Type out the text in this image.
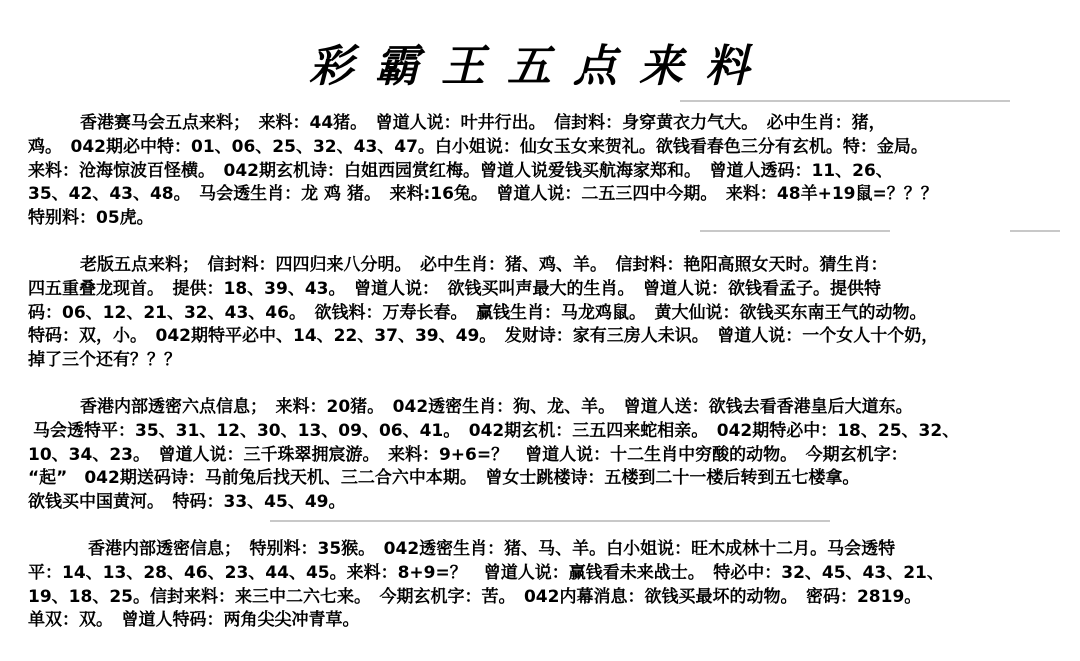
彩霸王五点来料
香港赛马会五点来料；　来料：44猪。　曾道人说：叶井行出。　信封料：身穿黄衣力气大。　必中生肖：猪，
鸡。　042期必中特：01、06、25、32、43、47。白小姐说：仙女玉女来贺礼。欲钱看春色三分有玄机。特：金局。
来料：沧海惊波百怪横。　042期玄机诗：白姐西园赏红梅。曾道人说爱钱买航海家郑和。　曾道人透码：11、26、
35、42、43、48。　马会透生肖：龙 鸡 猪。　来料:16兔。　曾道人说：二五三四中今期。　来料：48羊+19鼠=？？？
特别料：05虎。
老版五点来料；　信封料：四四归来八分明。　必中生肖：猪、鸡、羊。　信封料：艳阳高照女天时。猜生肖：
四五重叠龙现首。　提供：18、39、43。　曾道人说：　欲钱买叫声最大的生肖。　曾道人说：欲钱看孟子。提供特
码：06、12、21、32、43、46。　欲钱料：万寿长春。　赢钱生肖：马龙鸡鼠。　黄大仙说：欲钱买东南王气的动物。
特码：双，小。　042期特平必中、14、22、37、39、49。　发财诗：家有三房人未识。　曾道人说：一个女人十个奶，
掉了三个还有？？？
香港内部透密六点信息；　来料：20猪。　042透密生肖：狗、龙、羊。　曾道人送：欲钱去看香港皇后大道东。
马会透特平：35、31、12、30、13、09、06、41。　042期玄机：三五四来蛇相亲。　042期特必中：18、25、32、
10、34、23。　曾道人说：三千珠翠拥宸游。　来料：9+6=？　曾道人说：十二生肖中穷酸的动物。　今期玄机字：
“起”　042期送码诗：马前兔后找天机、三二合六中本期。　曾女士跳楼诗：五楼到二十一楼后转到五七楼拿。
欲钱买中国黄河。　特码：33、45、49。
香港内部透密信息；　特别料：35猴。　042透密生肖：猪、马、羊。白小姐说：旺木成林十二月。马会透特
平：14、13、28、46、23、44、45。来料：8+9=？　曾道人说：赢钱看未来战士。　特必中：32、45、43、21、
19、18、25。信封来料：来三中二六七来。　今期玄机字：苦。　042内幕消息：欲钱买最坏的动物。　密码：2819。
单双：双。　曾道人特码：两角尖尖冲青草。
